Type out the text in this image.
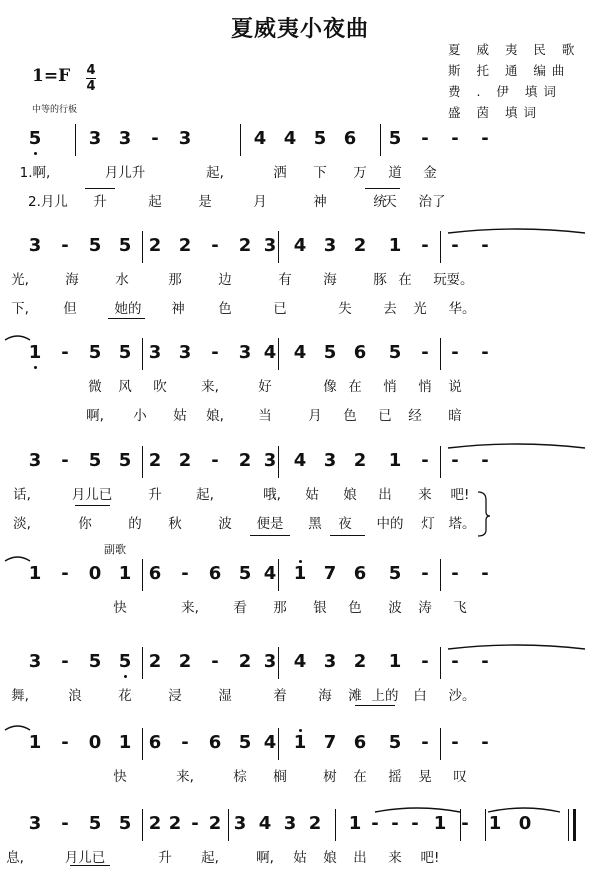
夏威夷小夜曲
夏 威 夷 民 歌
斯 托 通 编曲
费 . 伊 填词
盛 茵 填词
1=F 4
4
中等的行板
副歌
5	3 3 - 3	4 4 5 6 5 - - -
1.啊,	月儿升	起,	洒 下 万 道 金
2.月儿 升	起	是	月	神	统 治了
天
3 - 5 5 2 2 - 2 3 4 3 2 1 - - -
光,	海	水	那	边	有 海	豚 在 玩 耍。
下,	但	她的 神 色	已	失 去 光 华。
1 - 5 5 3 3 - 3 4 4 5 6 5 - - -
微 风 吹	来,	好	像 在 悄 悄 说
啊, 小 姑 娘,	当	月 色 已 经 暗
3 - 5 5 2 2 - 2 3 4 3 2 1 - - -
话,	月儿已	升	起,	哦, 姑 娘 出 来 吧!
淡,	你	的 秋	波 便是 黑 夜 中的 灯 塔。
1 - 0 1 6 - 6 5 4 1 7 6 5 - - -
快	来,	看 那 银 色 波 涛 飞
3 - 5 5 2 2 - 2 3 4 3 2 1 - - -
舞,	浪	花	浸	湿	着 海 滩 上的 白 沙。
1 - 0 1 6 - 6 5 4 1 7 6 5 - - -
快	来,	棕 榈	树 在 摇 晃 叹
3 - 5 5 2 2 - 2 3 4 3 2 1 - - - 1 - 1 0
息,	月儿已	升 起,	啊, 姑 娘 出 来 吧!
